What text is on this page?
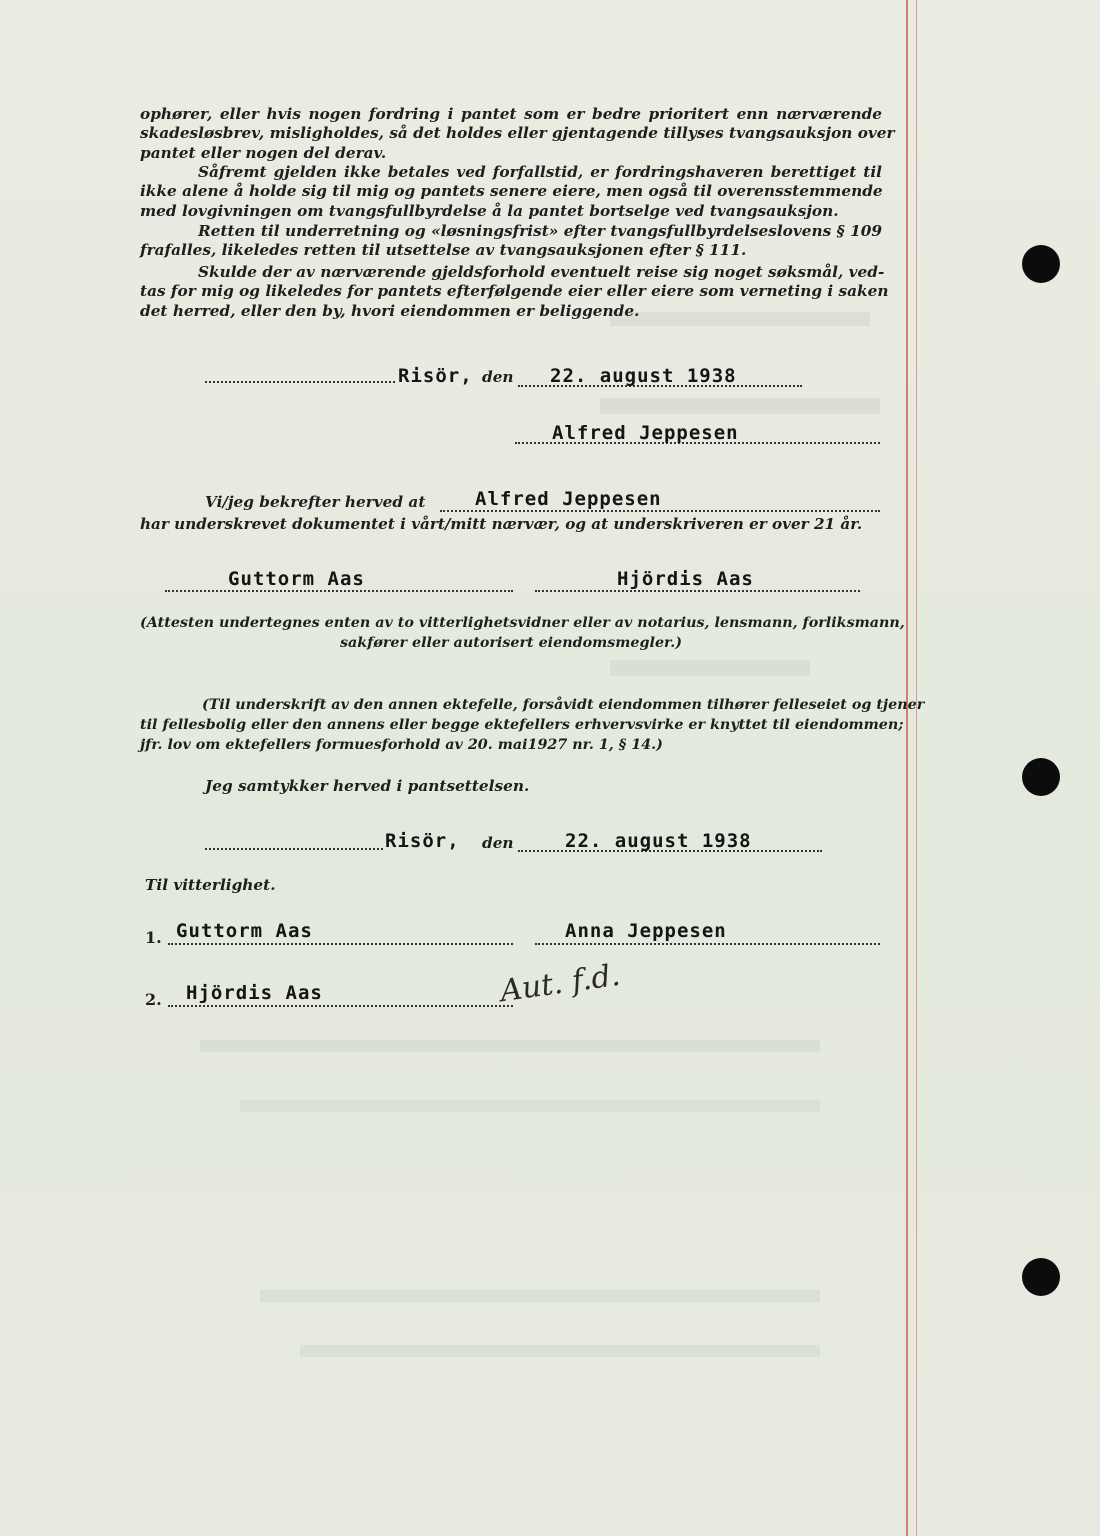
ophører, eller hvis nogen fordring i pantet som er bedre prioritert enn nærværende
skadesløsbrev, misligholdes, så det holdes eller gjentagende tillyses tvangsauksjon over
pantet eller nogen del derav.
Såfremt gjelden ikke betales ved forfallstid, er fordringshaveren berettiget til
ikke alene å holde sig til mig og pantets senere eiere, men også til overensstemmende
med lovgivningen om tvangsfullbyrdelse å la pantet bortselge ved tvangsauksjon.
Retten til underretning og «løsningsfrist» efter tvangsfullbyrdelseslovens § 109
frafalles, likeledes retten til utsettelse av tvangsauksjonen efter § 111.
Skulde der av nærværende gjeldsforhold eventuelt reise sig noget søksmål, ved-
tas for mig og likeledes for pantets efterfølgende eier eller eiere som verneting i saken
det herred, eller den by, hvori eiendommen er beliggende.
Risör, den 22. august 1938
Alfred Jeppesen
Vi/jeg bekrefter herved at	Alfred Jeppesen
har underskrevet dokumentet i vårt/mitt nærvær, og at underskriveren er over 21 år.
Guttorm Aas	Hjördis Aas
(Attesten undertegnes enten av to vitterlighetsvidner eller av notarius, lensmann, forliksmann,
sakfører eller autorisert eiendomsmegler.)
(Til underskrift av den annen ektefelle, forsåvidt eiendommen tilhører felleseiet og tjener
til fellesbolig eller den annens eller begge ektefellers erhvervsvirke er knyttet til eiendommen;
jfr. lov om ektefellers formuesforhold av 20. mai1927 nr. 1, § 14.)
Jeg samtykker herved i pantsettelsen.
Risör, den	22. august 1938
Til vitterlighet.
1. Guttorm Aas	Anna Jeppesen
2. Hjördis Aas	Aut. f.d.
